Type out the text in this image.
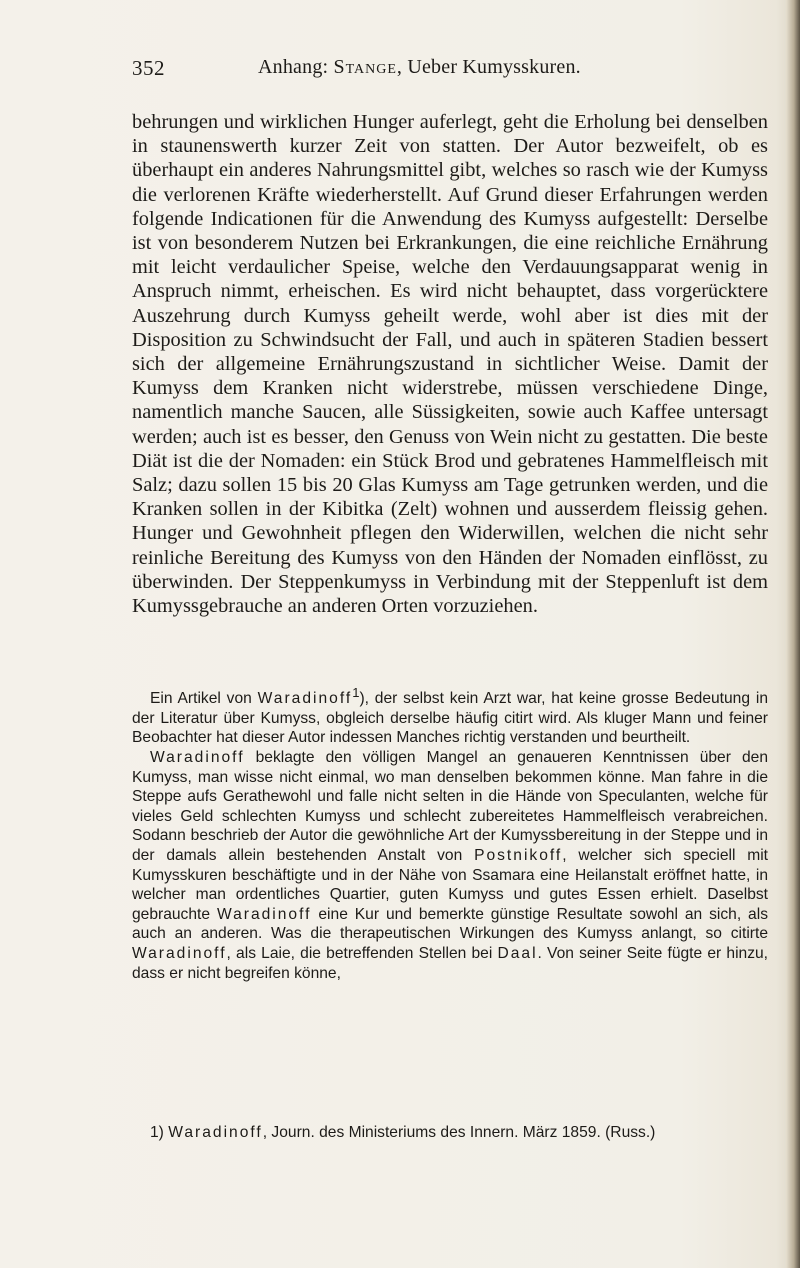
352	Anhang: Stange, Ueber Kumysskuren.

behrungen und wirklichen Hunger auferlegt, geht die Erholung bei denselben in staunenswerth kurzer Zeit von statten. Der Autor bezweifelt, ob es überhaupt ein anderes Nahrungsmittel gibt, welches so rasch wie der Kumyss die verlorenen Kräfte wiederherstellt. Auf Grund dieser Erfahrungen werden folgende Indicationen für die Anwendung des Kumyss aufgestellt: Derselbe ist von besonderem Nutzen bei Erkrankungen, die eine reichliche Ernährung mit leicht verdaulicher Speise, welche den Verdauungsapparat wenig in Anspruch nimmt, erheischen. Es wird nicht behauptet, dass vorgerücktere Auszehrung durch Kumyss geheilt werde, wohl aber ist dies mit der Disposition zu Schwindsucht der Fall, und auch in späteren Stadien bessert sich der allgemeine Ernährungszustand in sichtlicher Weise. Damit der Kumyss dem Kranken nicht widerstrebe, müssen verschiedene Dinge, namentlich manche Saucen, alle Süssigkeiten, sowie auch Kaffee untersagt werden; auch ist es besser, den Genuss von Wein nicht zu gestatten. Die beste Diät ist die der Nomaden: ein Stück Brod und gebratenes Hammelfleisch mit Salz; dazu sollen 15 bis 20 Glas Kumyss am Tage getrunken werden, und die Kranken sollen in der Kibitka (Zelt) wohnen und ausserdem fleissig gehen. Hunger und Gewohnheit pflegen den Widerwillen, welchen die nicht sehr reinliche Bereitung des Kumyss von den Händen der Nomaden einflösst, zu überwinden. Der Steppenkumyss in Verbindung mit der Steppenluft ist dem Kumyssgebrauche an anderen Orten vorzuziehen.

Ein Artikel von Waradinoff$^1$), der selbst kein Arzt war, hat keine grosse Bedeutung in der Literatur über Kumyss, obgleich derselbe häufig citirt wird. Als kluger Mann und feiner Beobachter hat dieser Autor indessen Manches richtig verstanden und beurtheilt.

Waradinoff beklagte den völligen Mangel an genaueren Kenntnissen über den Kumyss, man wisse nicht einmal, wo man denselben bekommen könne. Man fahre in die Steppe aufs Gerathewohl und falle nicht selten in die Hände von Speculanten, welche für vieles Geld schlechten Kumyss und schlecht zubereitetes Hammelfleisch verabreichen. Sodann beschrieb der Autor die gewöhnliche Art der Kumyssbereitung in der Steppe und in der damals allein bestehenden Anstalt von Postnikoff, welcher sich speciell mit Kumysskuren beschäftigte und in der Nähe von Ssamara eine Heilanstalt eröffnet hatte, in welcher man ordentliches Quartier, guten Kumyss und gutes Essen erhielt. Daselbst gebrauchte Waradinoff eine Kur und bemerkte günstige Resultate sowohl an sich, als auch an anderen. Was die therapeutischen Wirkungen des Kumyss anlangt, so citirte Waradinoff, als Laie, die betreffenden Stellen bei Daal. Von seiner Seite fügte er hinzu, dass er nicht begreifen könne,

1) Waradinoff, Journ. des Ministeriums des Innern. März 1859. (Russ.)
